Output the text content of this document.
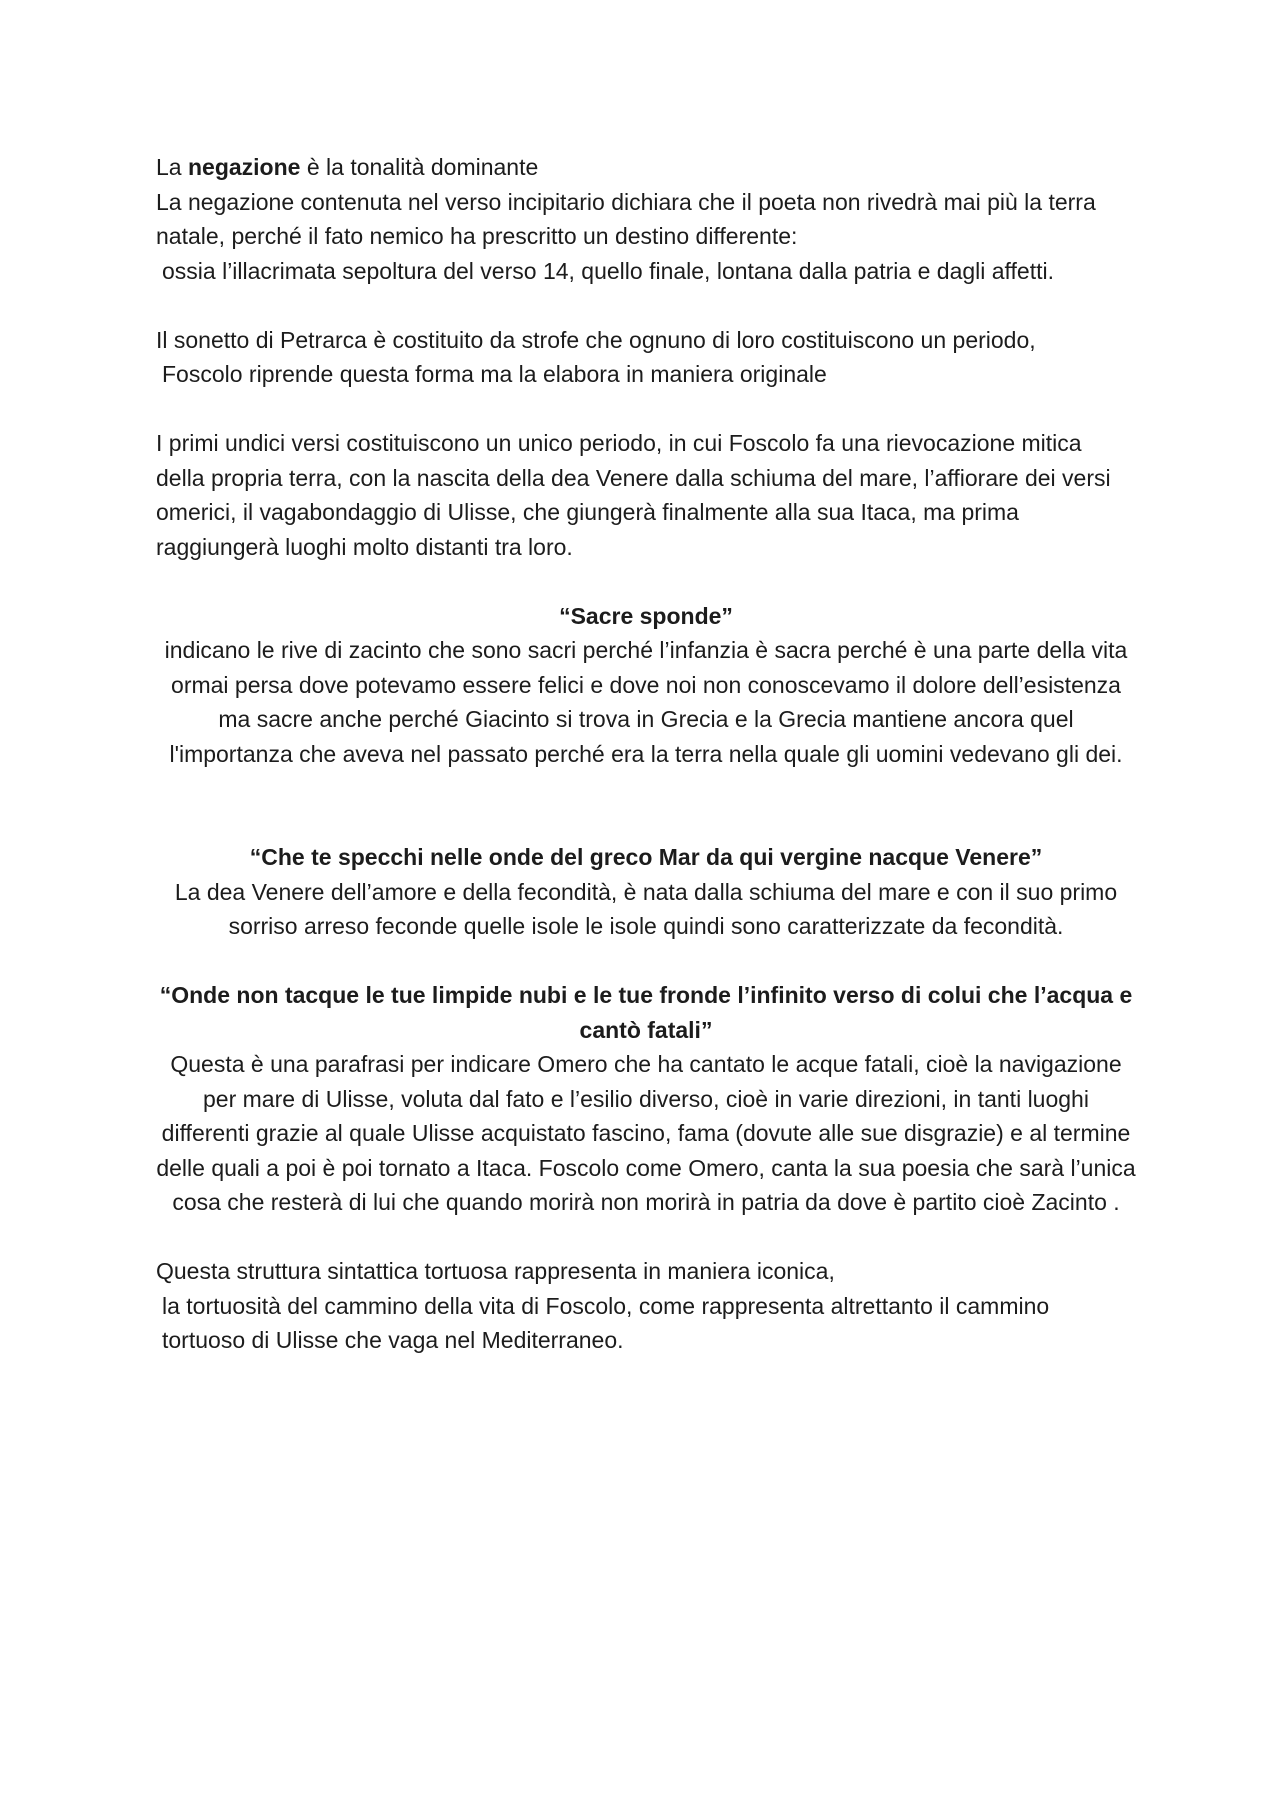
La negazione è la tonalità dominante

La negazione contenuta nel verso incipitario dichiara che il poeta non rivedrà mai più la terra natale, perché il fato nemico ha prescritto un destino differente:

ossia l’illacrimata sepoltura del verso 14, quello finale, lontana dalla patria e dagli affetti.

Il sonetto di Petrarca è costituito da strofe che ognuno di loro costituiscono un periodo,

Foscolo riprende questa forma ma la elabora in maniera originale

I primi undici versi costituiscono un unico periodo, in cui Foscolo fa una rievocazione mitica della propria terra, con la nascita della dea Venere dalla schiuma del mare, l’affiorare dei versi omerici, il vagabondaggio di Ulisse, che giungerà finalmente alla sua Itaca, ma prima raggiungerà luoghi molto distanti tra loro.

“Sacre sponde”

indicano le rive di zacinto che sono sacri perché l’infanzia è sacra perché è una parte della vita ormai persa dove potevamo essere felici e dove noi non conoscevamo il dolore dell’esistenza ma sacre anche perché Giacinto si trova in Grecia e la Grecia mantiene ancora quel l'importanza che aveva nel passato perché era la terra nella quale gli uomini vedevano gli dei.

“Che te specchi nelle onde del greco Mar da qui vergine nacque Venere”

La dea Venere dell’amore e della fecondità, è nata dalla schiuma del mare e con il suo primo sorriso arreso feconde quelle isole le isole quindi sono caratterizzate da fecondità.

“Onde non tacque le tue limpide nubi e le tue fronde l’infinito verso di colui che l’acqua e cantò fatali”

Questa è una parafrasi per indicare Omero che ha cantato le acque fatali, cioè la navigazione per mare di Ulisse, voluta dal fato e l’esilio diverso, cioè in varie direzioni, in tanti luoghi differenti grazie al quale Ulisse acquistato fascino, fama (dovute alle sue disgrazie) e al termine delle quali a poi è poi tornato a Itaca. Foscolo come Omero, canta la sua poesia che sarà l’unica cosa che resterà di lui che quando morirà non morirà in patria da dove è partito cioè Zacinto .

Questa struttura sintattica tortuosa rappresenta in maniera iconica,

la tortuosità del cammino della vita di Foscolo, come rappresenta altrettanto il cammino tortuoso di Ulisse che vaga nel Mediterraneo.
